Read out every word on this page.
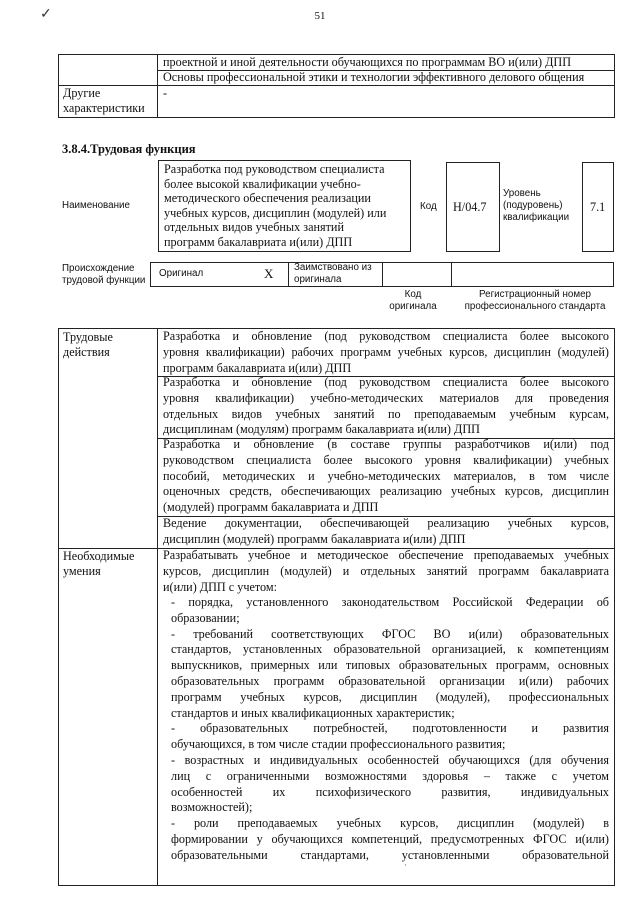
✓	51
проектной и иной деятельности обучающихся по программам ВО и(или) ДПП
Основы профессиональной этики и технологии эффективного делового общения
Другие
характеристики
-
3.8.4.Трудовая функция
Наименование
Разработка под руководством специалиста
более высокой квалификации учебно-
методического обеспечения реализации
учебных курсов, дисциплин (модулей) или
отдельных видов учебных занятий
программ бакалавриата и(или) ДПП
Код H/04.7
Уровень
(подуровень)
квалификации
7.1
Происхождение
трудовой функции
Оригинал	X Заимствовано из
оригинала
Код
оригинала
Регистрационный номер
профессионального стандарта
Трудовые
действия
Разработка и обновление (под руководством специалиста более высокого
уровня квалификации) рабочих программ учебных курсов, дисциплин (модулей)
программ бакалавриата и(или) ДПП
Разработка и обновление (под руководством специалиста более высокого
уровня квалификации) учебно-методических материалов для проведения
отдельных видов учебных занятий по преподаваемым учебным курсам,
дисциплинам (модулям) программ бакалавриата и(или) ДПП
Разработка и обновление (в составе группы разработчиков и(или) под
руководством специалиста более высокого уровня квалификации) учебных
пособий, методических и учебно-методических материалов, в том числе
оценочных средств, обеспечивающих реализацию учебных курсов, дисциплин
(модулей) программ бакалавриата и ДПП
Ведение документации, обеспечивающей реализацию учебных курсов,
дисциплин (модулей) программ бакалавриата и(или) ДПП
Необходимые
умения
Разрабатывать учебное и методическое обеспечение преподаваемых учебных
курсов, дисциплин (модулей) и отдельных занятий программ бакалавриата
и(или) ДПП с учетом:
- порядка, установленного законодательством Российской Федерации об
образовании;
- требований соответствующих ФГОС ВО и(или) образовательных
стандартов, установленных образовательной организацией, к компетенциям
выпускников, примерных или типовых образовательных программ, основных
образовательных программ образовательной организации и(или) рабочих
программ учебных курсов, дисциплин (модулей), профессиональных
стандартов и иных квалификационных характеристик;
- образовательных потребностей, подготовленности и развития
обучающихся, в том числе стадии профессионального развития;
- возрастных и индивидуальных особенностей обучающихся (для обучения
лиц с ограниченными возможностями здоровья – также с учетом
особенностей их психофизического развития, индивидуальных
возможностей);
- роли преподаваемых учебных курсов, дисциплин (модулей) в
формировании у обучающихся компетенций, предусмотренных ФГОС и(или)
образовательными стандартами, установленными образовательной
·
